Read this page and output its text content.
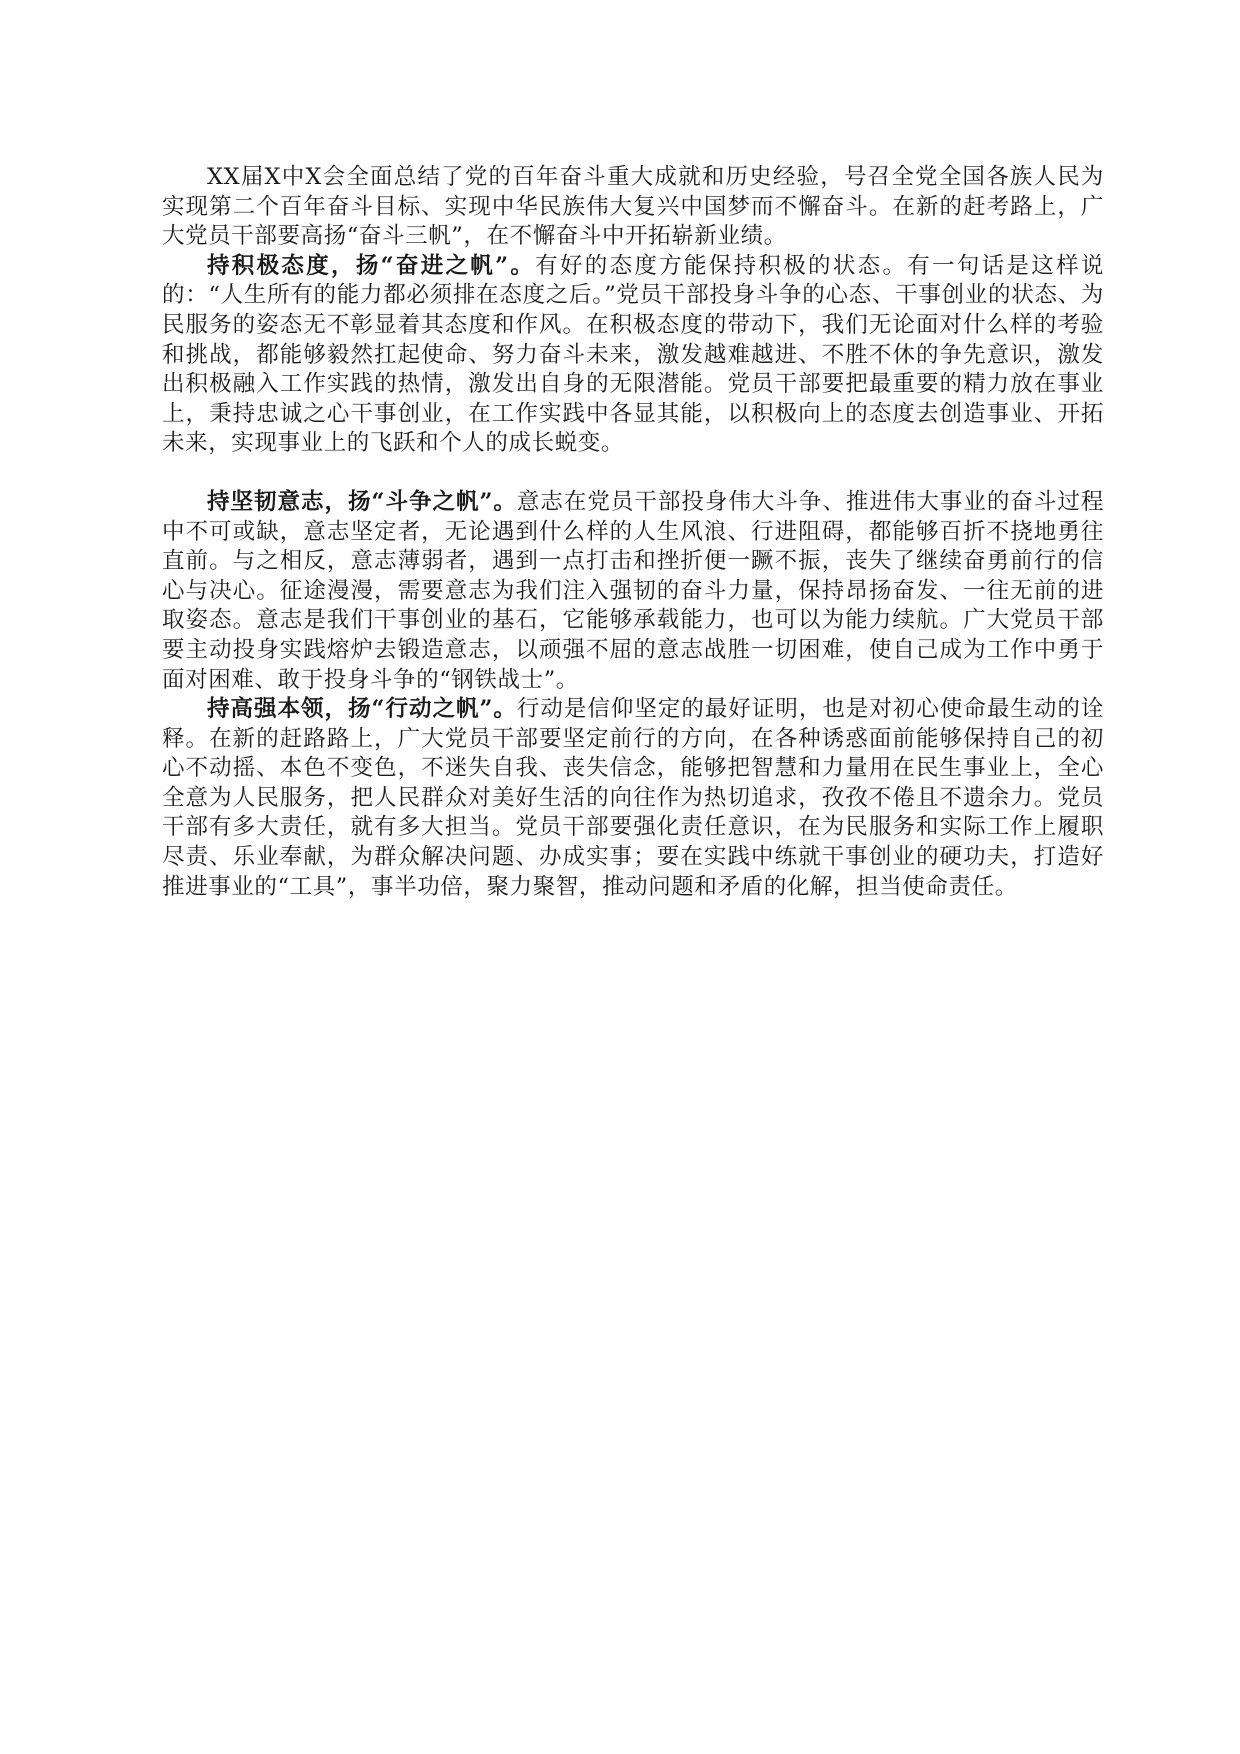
XX届X中X会全面总结了党的百年奋斗重大成就和历史经验，号召全党全国各族人民为实现第二个百年奋斗目标、实现中华民族伟大复兴中国梦而不懈奋斗。在新的赶考路上，广大党员干部要高扬“奋斗三帆”，在不懈奋斗中开拓崭新业绩。

持积极态度，扬“奋进之帆”。有好的态度方能保持积极的状态。有一句话是这样说的：“人生所有的能力都必须排在态度之后。”党员干部投身斗争的心态、干事创业的状态、为民服务的姿态无不彰显着其态度和作风。在积极态度的带动下，我们无论面对什么样的考验和挑战，都能够毅然扛起使命、努力奋斗未来，激发越难越进、不胜不休的争先意识，激发出积极融入工作实践的热情，激发出自身的无限潜能。党员干部要把最重要的精力放在事业上，秉持忠诚之心干事创业，在工作实践中各显其能，以积极向上的态度去创造事业、开拓未来，实现事业上的飞跃和个人的成长蜕变。

持坚韧意志，扬“斗争之帆”。意志在党员干部投身伟大斗争、推进伟大事业的奋斗过程中不可或缺，意志坚定者，无论遇到什么样的人生风浪、行进阻碍，都能够百折不挠地勇往直前。与之相反，意志薄弱者，遇到一点打击和挫折便一蹶不振，丧失了继续奋勇前行的信心与决心。征途漫漫，需要意志为我们注入强韧的奋斗力量，保持昂扬奋发、一往无前的进取姿态。意志是我们干事创业的基石，它能够承载能力，也可以为能力续航。广大党员干部要主动投身实践熔炉去锻造意志，以顽强不屈的意志战胜一切困难，使自己成为工作中勇于面对困难、敢于投身斗争的“钢铁战士”。

持高强本领，扬“行动之帆”。行动是信仰坚定的最好证明，也是对初心使命最生动的诠释。在新的赶路路上，广大党员干部要坚定前行的方向，在各种诱惑面前能够保持自己的初心不动摇、本色不变色，不迷失自我、丧失信念，能够把智慧和力量用在民生事业上，全心全意为人民服务，把人民群众对美好生活的向往作为热切追求，孜孜不倦且不遗余力。党员干部有多大责任，就有多大担当。党员干部要强化责任意识，在为民服务和实际工作上履职尽责、乐业奉献，为群众解决问题、办成实事；要在实践中练就干事创业的硬功夫，打造好推进事业的“工具”，事半功倍，聚力聚智，推动问题和矛盾的化解，担当使命责任。
